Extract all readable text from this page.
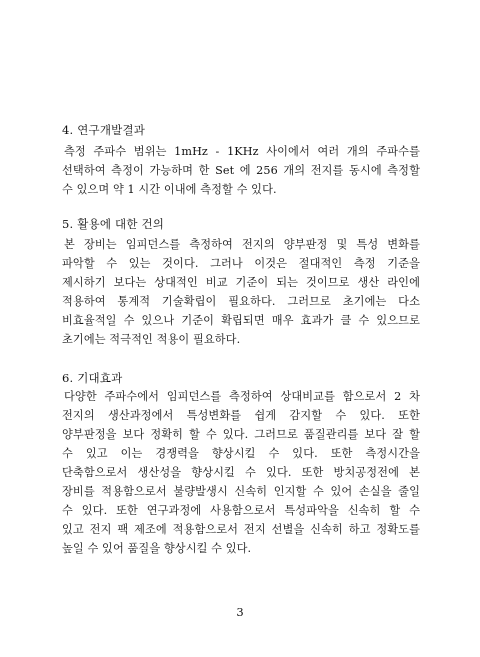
4. 연구개발결과
측정 주파수 범위는 1mHz - 1KHz 사이에서 여러 개의 주파수를
선택하여 측정이 가능하며 한 Set 에 256 개의 전지를 동시에 측정할
수 있으며 약 1 시간 이내에 측정할 수 있다.
5. 활용에 대한 건의
본 장비는 임피던스를 측정하여 전지의 양부판정 및 특성 변화를
파악할 수 있는 것이다. 그러나 이것은 절대적인 측정 기준을
제시하기 보다는 상대적인 비교 기준이 되는 것이므로 생산 라인에
적용하여 통계적 기술확립이 필요하다. 그러므로 초기에는 다소
비효율적일 수 있으나 기준이 확립되면 매우 효과가 클 수 있으므로
초기에는 적극적인 적용이 필요하다.
6. 기대효과
다양한 주파수에서 임피던스를 측정하여 상대비교를 함으로서 2 차
전지의 생산과정에서 특성변화를 쉽게 감지할 수 있다. 또한
양부판정을 보다 정확히 할 수 있다. 그러므로 품질관리를 보다 잘 할
수 있고 이는 경쟁력을 향상시킬 수 있다. 또한 측정시간을
단축함으로서 생산성을 향상시킬 수 있다. 또한 방치공정전에 본
장비를 적용함으로서 불량발생시 신속히 인지할 수 있어 손실을 줄일
수 있다. 또한 연구과정에 사용함으로서 특성파악을 신속히 할 수
있고 전지 팩 제조에 적용함으로서 전지 선별을 신속히 하고 정확도를
높일 수 있어 품질을 향상시킬 수 있다.
3
